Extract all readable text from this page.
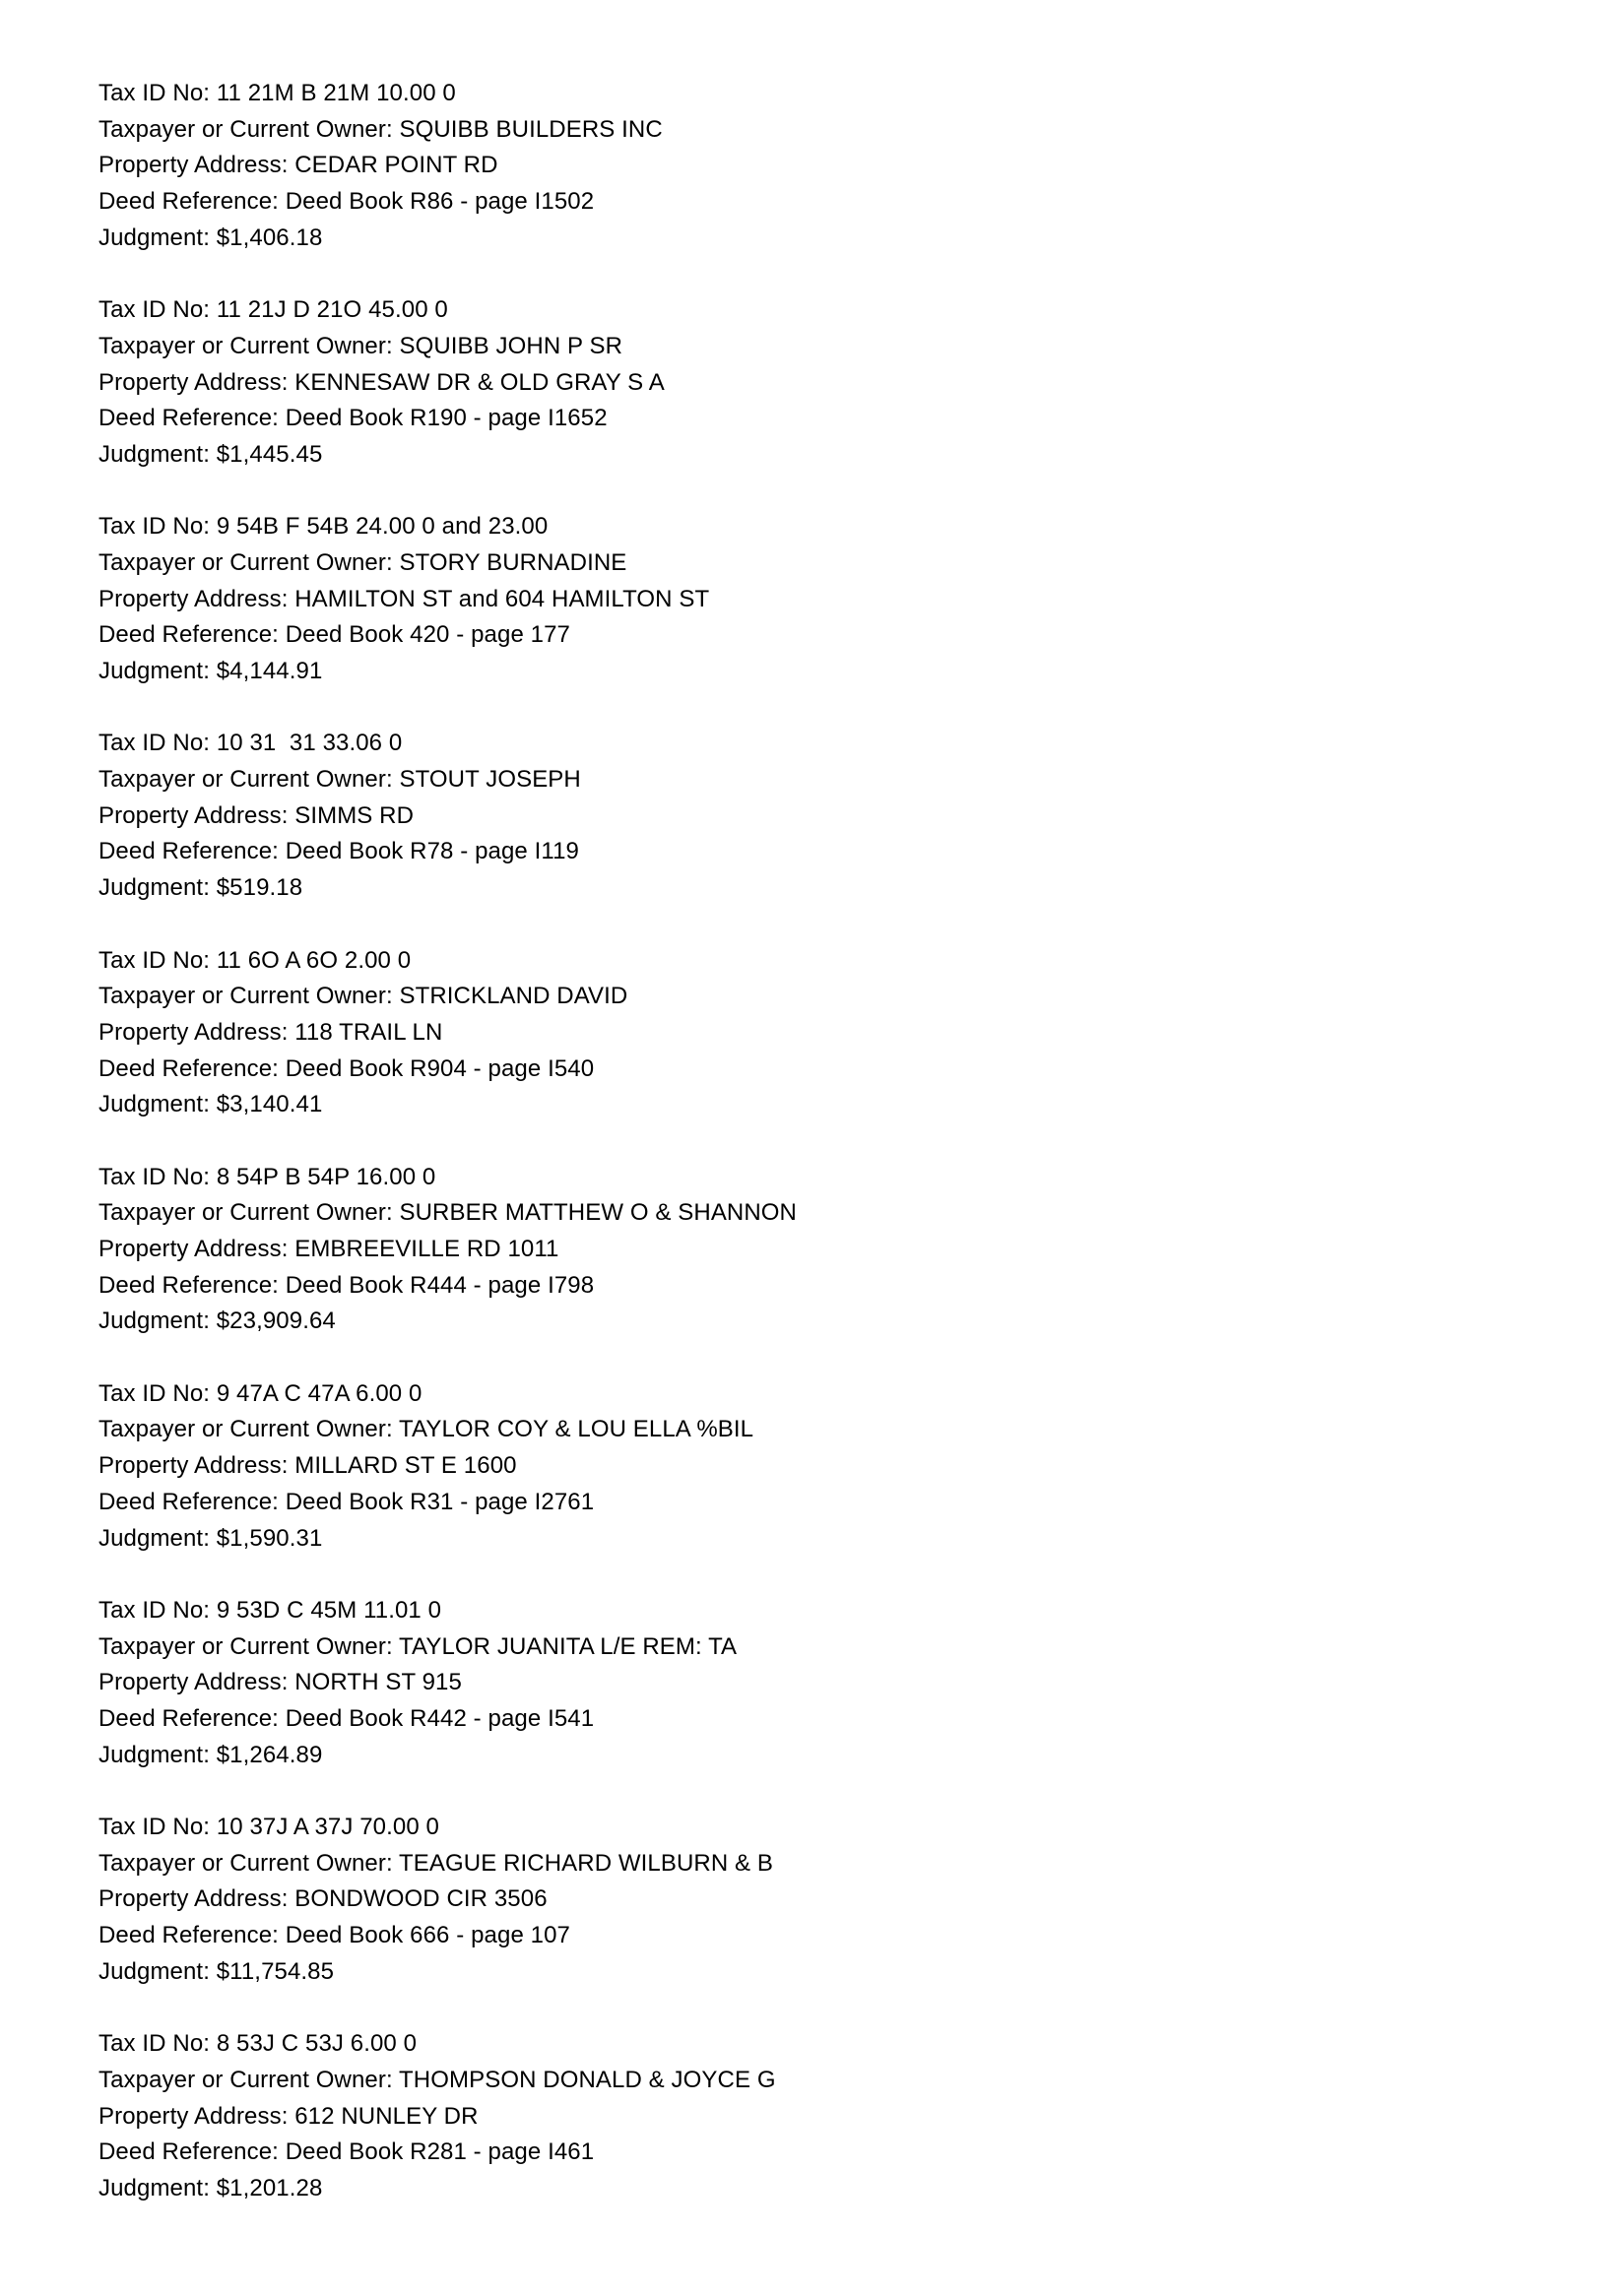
Tax ID No: 11 21M B 21M 10.00 0
Taxpayer or Current Owner: SQUIBB BUILDERS INC
Property Address: CEDAR POINT RD
Deed Reference: Deed Book R86 - page I1502
Judgment: $1,406.18
Tax ID No: 11 21J D 21O 45.00 0
Taxpayer or Current Owner: SQUIBB JOHN P SR
Property Address: KENNESAW DR & OLD GRAY S A
Deed Reference: Deed Book R190 - page I1652
Judgment: $1,445.45
Tax ID No: 9 54B F 54B 24.00 0 and 23.00
Taxpayer or Current Owner: STORY BURNADINE
Property Address: HAMILTON ST and 604 HAMILTON ST
Deed Reference: Deed Book 420 - page 177
Judgment: $4,144.91
Tax ID No: 10 31  31 33.06 0
Taxpayer or Current Owner: STOUT JOSEPH
Property Address: SIMMS RD
Deed Reference: Deed Book R78 - page I119
Judgment: $519.18
Tax ID No: 11 6O A 6O 2.00 0
Taxpayer or Current Owner: STRICKLAND DAVID
Property Address: 118 TRAIL LN
Deed Reference: Deed Book R904 - page I540
Judgment: $3,140.41
Tax ID No: 8 54P B 54P 16.00 0
Taxpayer or Current Owner: SURBER MATTHEW O & SHANNON
Property Address: EMBREEVILLE RD 1011
Deed Reference: Deed Book R444 - page I798
Judgment: $23,909.64
Tax ID No: 9 47A C 47A 6.00 0
Taxpayer or Current Owner: TAYLOR COY & LOU ELLA %BIL
Property Address: MILLARD ST E 1600
Deed Reference: Deed Book R31 - page I2761
Judgment: $1,590.31
Tax ID No: 9 53D C 45M 11.01 0
Taxpayer or Current Owner: TAYLOR JUANITA L/E REM: TA
Property Address: NORTH ST 915
Deed Reference: Deed Book R442 - page I541
Judgment: $1,264.89
Tax ID No: 10 37J A 37J 70.00 0
Taxpayer or Current Owner: TEAGUE RICHARD WILBURN & B
Property Address: BONDWOOD CIR 3506
Deed Reference: Deed Book 666 - page 107
Judgment: $11,754.85
Tax ID No: 8 53J C 53J 6.00 0
Taxpayer or Current Owner: THOMPSON DONALD & JOYCE G
Property Address: 612 NUNLEY DR
Deed Reference: Deed Book R281 - page I461
Judgment: $1,201.28
